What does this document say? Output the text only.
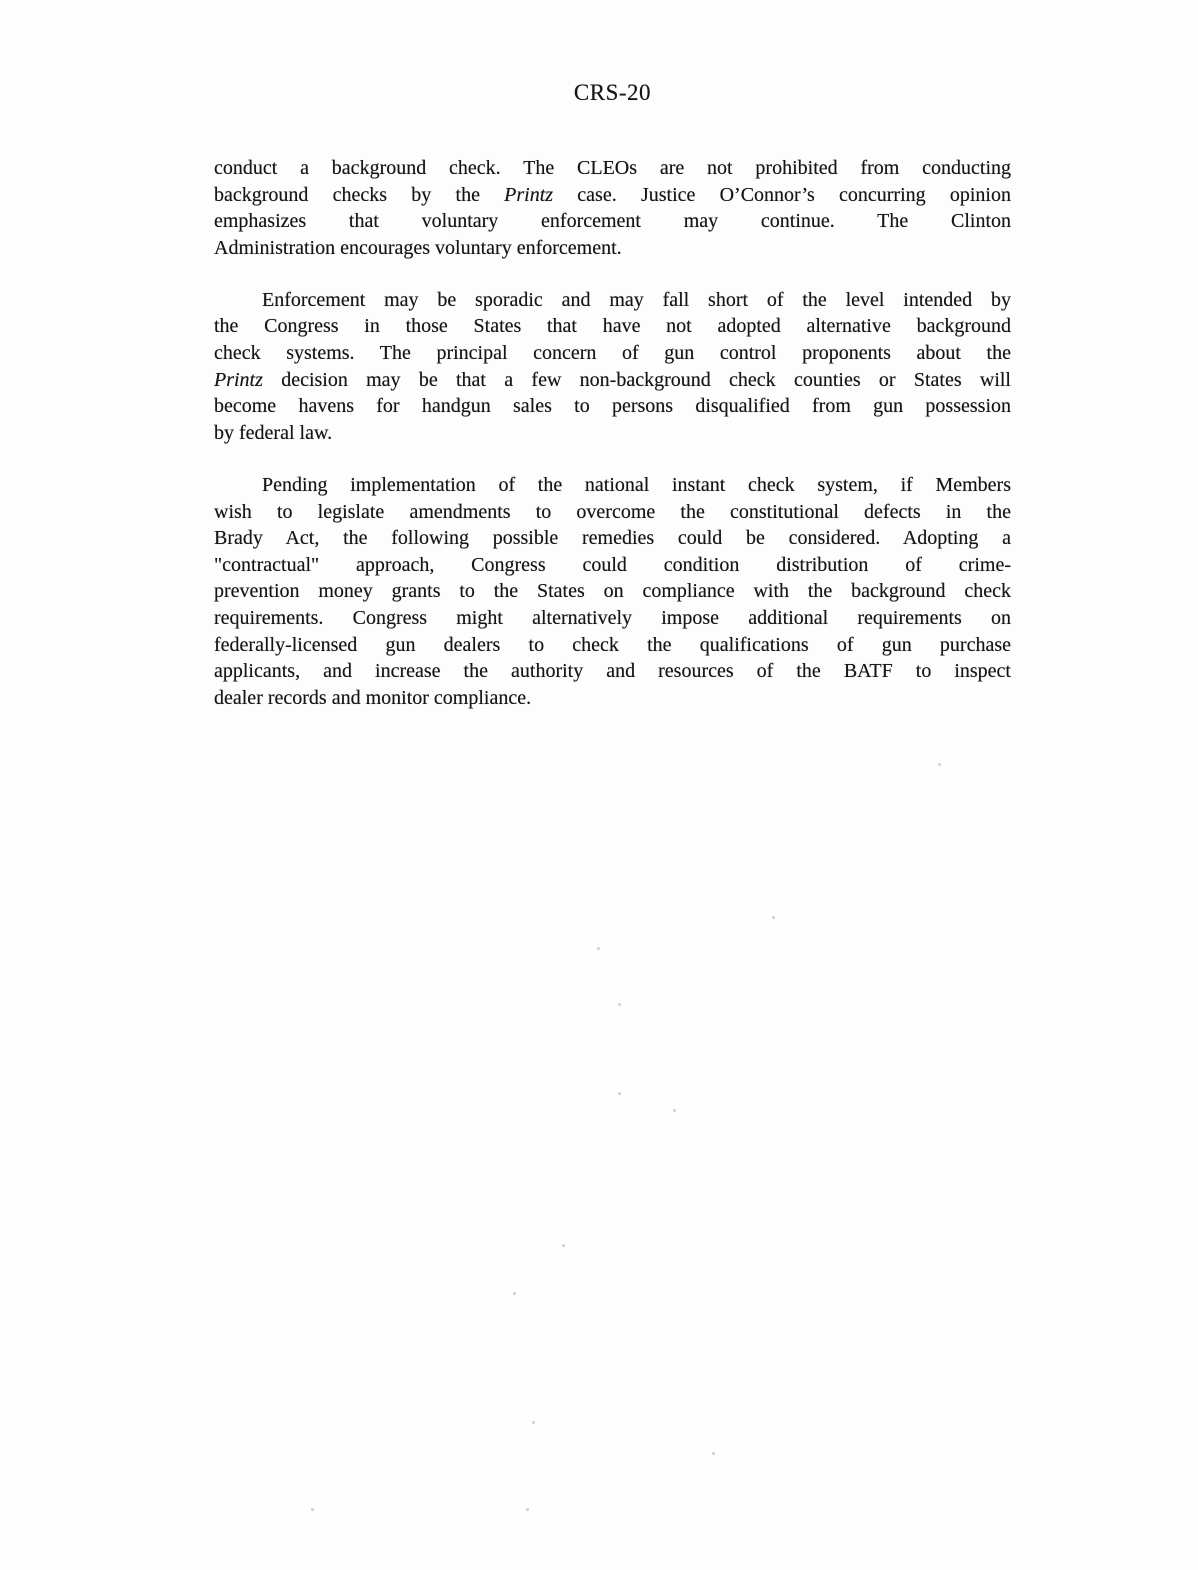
CRS-20
conduct a background check. The CLEOs are not prohibited from conducting
background checks by the Printz case. Justice O’Connor’s concurring opinion
emphasizes that voluntary enforcement may continue. The Clinton
Administration encourages voluntary enforcement.
Enforcement may be sporadic and may fall short of the level intended by
the Congress in those States that have not adopted alternative background
check systems. The principal concern of gun control proponents about the
Printz decision may be that a few non-background check counties or States will
become havens for handgun sales to persons disqualified from gun possession
by federal law.
Pending implementation of the national instant check system, if Members
wish to legislate amendments to overcome the constitutional defects in the
Brady Act, the following possible remedies could be considered. Adopting a
"contractual" approach, Congress could condition distribution of crime-
prevention money grants to the States on compliance with the background check
requirements. Congress might alternatively impose additional requirements on
federally-licensed gun dealers to check the qualifications of gun purchase
applicants, and increase the authority and resources of the BATF to inspect
dealer records and monitor compliance.
